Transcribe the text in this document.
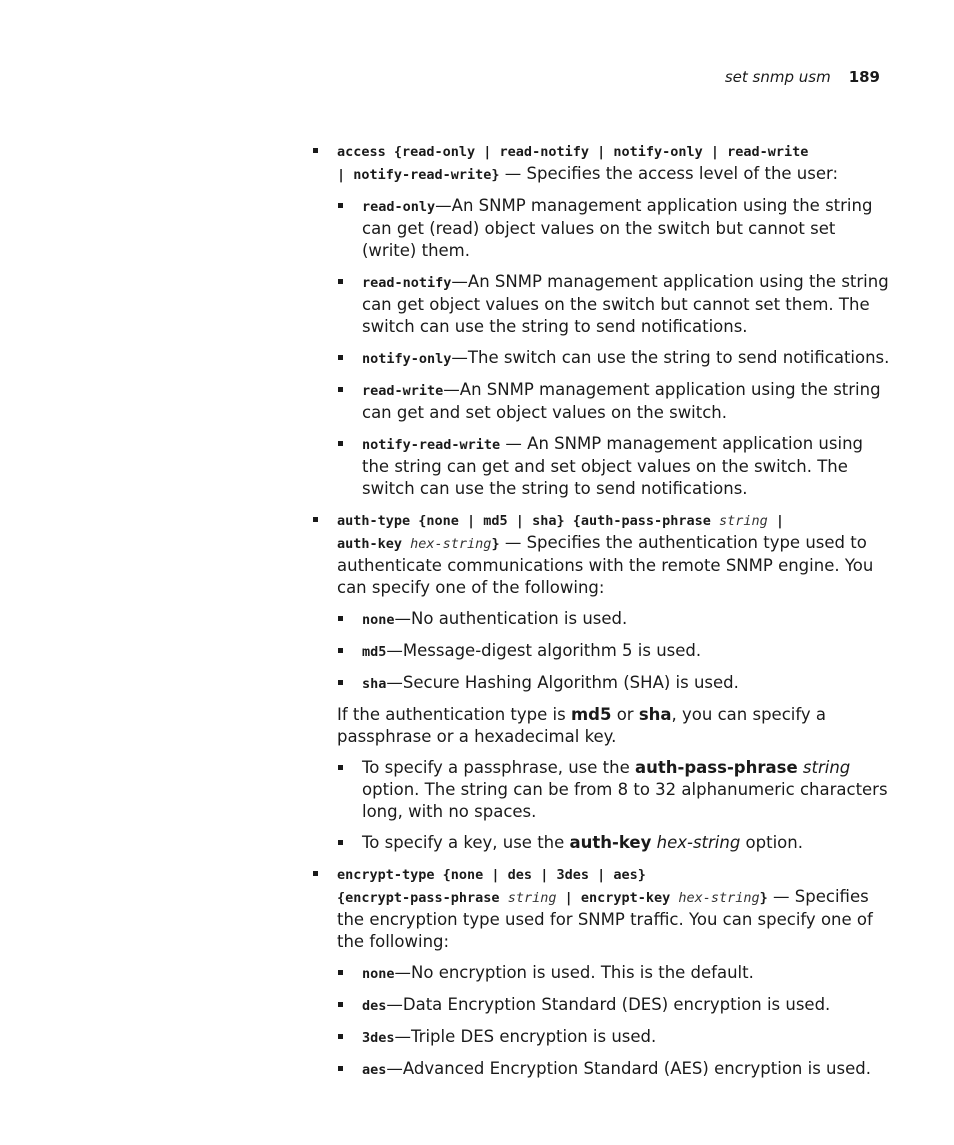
set snmp usm 189
access {read-only | read-notify | notify-only | read-write
| notify-read-write} — Specifies the access level of the user:
read-only—An SNMP management application using the string can get (read) object values on the switch but cannot set (write) them.
read-notify—An SNMP management application using the string can get object values on the switch but cannot set them. The switch can use the string to send notifications.
notify-only—The switch can use the string to send notifications.
read-write—An SNMP management application using the string can get and set object values on the switch.
notify-read-write — An SNMP management application using the string can get and set object values on the switch. The switch can use the string to send notifications.
auth-type {none | md5 | sha} {auth-pass-phrase string |
auth-key hex-string} — Specifies the authentication type used to authenticate communications with the remote SNMP engine. You can specify one of the following:
none—No authentication is used.
md5—Message-digest algorithm 5 is used.
sha—Secure Hashing Algorithm (SHA) is used.
If the authentication type is md5 or sha, you can specify a passphrase or a hexadecimal key.
To specify a passphrase, use the auth-pass-phrase string option. The string can be from 8 to 32 alphanumeric characters long, with no spaces.
To specify a key, use the auth-key hex-string option.
encrypt-type {none | des | 3des | aes}
{encrypt-pass-phrase string | encrypt-key hex-string} — Specifies the encryption type used for SNMP traffic. You can specify one of the following:
none—No encryption is used. This is the default.
des—Data Encryption Standard (DES) encryption is used.
3des—Triple DES encryption is used.
aes—Advanced Encryption Standard (AES) encryption is used.
